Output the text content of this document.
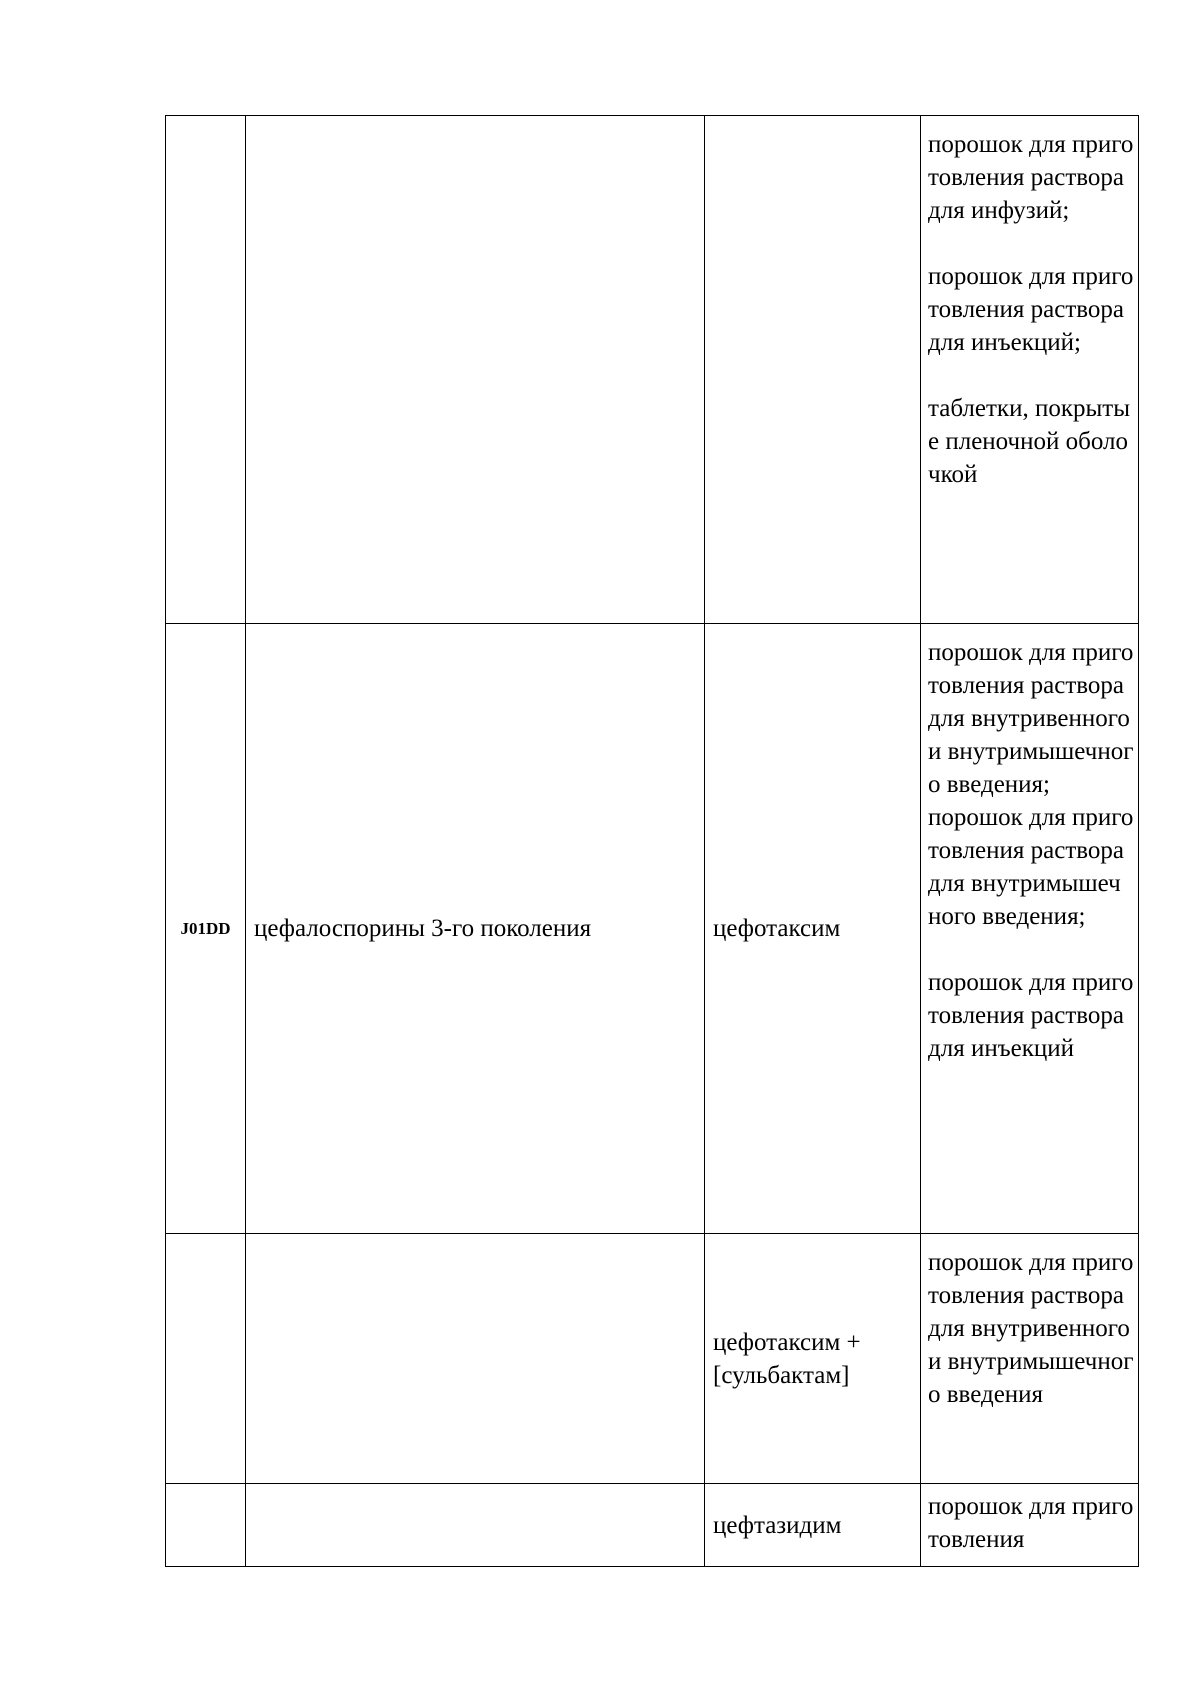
			порошок для приготовления раствора для инфузий;
порошок для приготовления раствора для инъекций;
таблетки, покрытые пленочной оболочкой

J01DD	цефалоспорины 3-го поколения	цефотаксим	порошок для приготовления раствора для внутривенного и внутримышечного введения;
порошок для приготовления раствора для внутримышечного введения;
порошок для приготовления раствора для инъекций

		цефотаксим + [сульбактам]	порошок для приготовления раствора для внутривенного и внутримышечного введения

		цефтазидим	порошок для приготовления
